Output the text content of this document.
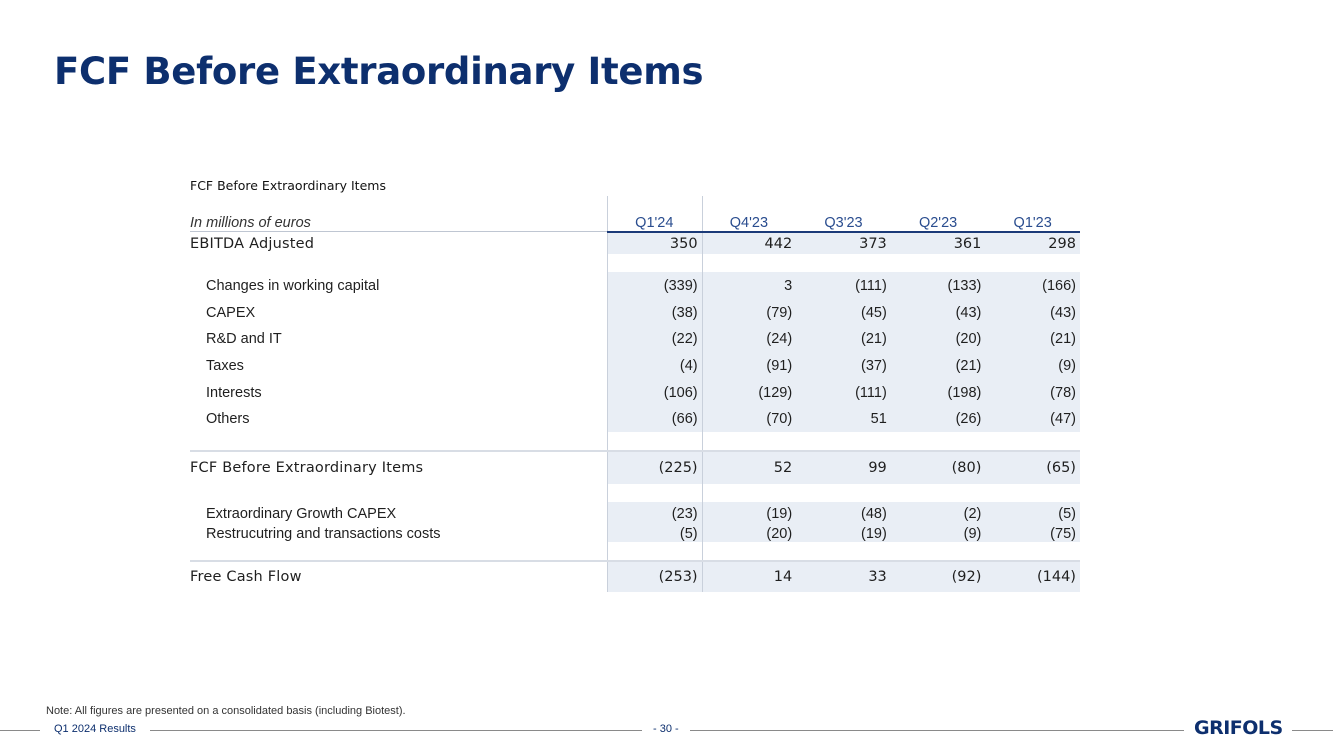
FCF Before Extraordinary Items
FCF Before Extraordinary Items
In millions of euros	Q1'24	Q4'23	Q3'23	Q2'23	Q1'23
EBITDA Adjusted	350	442	373	361	298
Changes in working capital	(339)	3	(111)	(133)	(166)
CAPEX	(38)	(79)	(45)	(43)	(43)
R&D and IT	(22)	(24)	(21)	(20)	(21)
Taxes	(4)	(91)	(37)	(21)	(9)
Interests	(106)	(129)	(111)	(198)	(78)
Others	(66)	(70)	51	(26)	(47)
FCF Before Extraordinary Items	(225)	52	99	(80)	(65)
Extraordinary Growth CAPEX	(23)	(19)	(48)	(2)	(5)
Restrucutring and transactions costs	(5)	(20)	(19)	(9)	(75)
Free Cash Flow	(253)	14	33	(92)	(144)
Note: All figures are presented on a consolidated basis (including Biotest).
Q1 2024 Results	- 30 -	GRIFOLS
